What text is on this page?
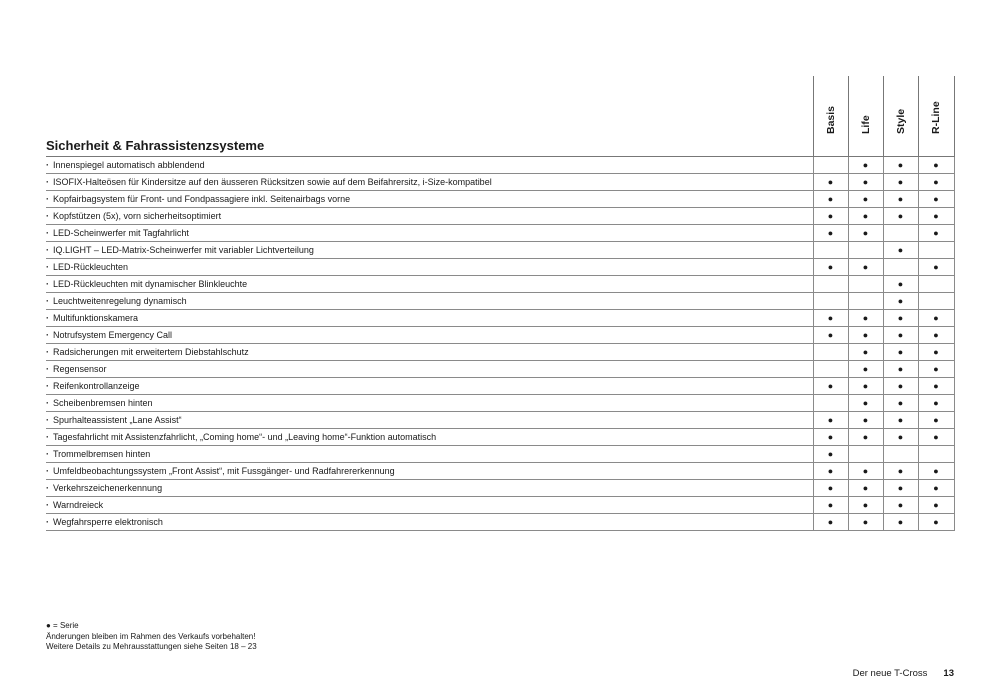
Sicherheit & Fahrassistenzsysteme	Basis	Life	Style	R-Line

· Innenspiegel automatisch abblendend		●	●	●
· ISOFIX-Halteösen für Kindersitze auf den äusseren Rücksitzen sowie auf dem Beifahrersitz, i-Size-kompatibel	●	●	●	●
· Kopfairbagsystem für Front- und Fondpassagiere inkl. Seitenairbags vorne	●	●	●	●
· Kopfstützen (5x), vorn sicherheitsoptimiert	●	●	●	●
· LED-Scheinwerfer mit Tagfahrlicht	●	●		●
· IQ.LIGHT – LED-Matrix-Scheinwerfer mit variabler Lichtverteilung			●	
· LED-Rückleuchten	●	●		●
· LED-Rückleuchten mit dynamischer Blinkleuchte			●	
· Leuchtweitenregelung dynamisch			●	
· Multifunktionskamera	●	●	●	●
· Notrufsystem Emergency Call	●	●	●	●
· Radsicherungen mit erweitertem Diebstahlschutz		●	●	●
· Regensensor		●	●	●
· Reifenkontrollanzeige	●	●	●	●
· Scheibenbremsen hinten		●	●	●
· Spurhalteassistent „Lane Assist“	●	●	●	●
· Tagesfahrlicht mit Assistenzfahrlicht, „Coming home“- und „Leaving home“-Funktion automatisch	●	●	●	●
· Trommelbremsen hinten	●			
· Umfeldbeobachtungssystem „Front Assist“, mit Fussgänger- und Radfahrererkennung	●	●	●	●
· Verkehrszeichenerkennung	●	●	●	●
· Warndreieck	●	●	●	●
· Wegfahrsperre elektronisch	●	●	●	●
● = Serie
Änderungen bleiben im Rahmen des Verkaufs vorbehalten!
Weitere Details zu Mehrausstattungen siehe Seiten 18 – 23
Der neue T-Cross 13
